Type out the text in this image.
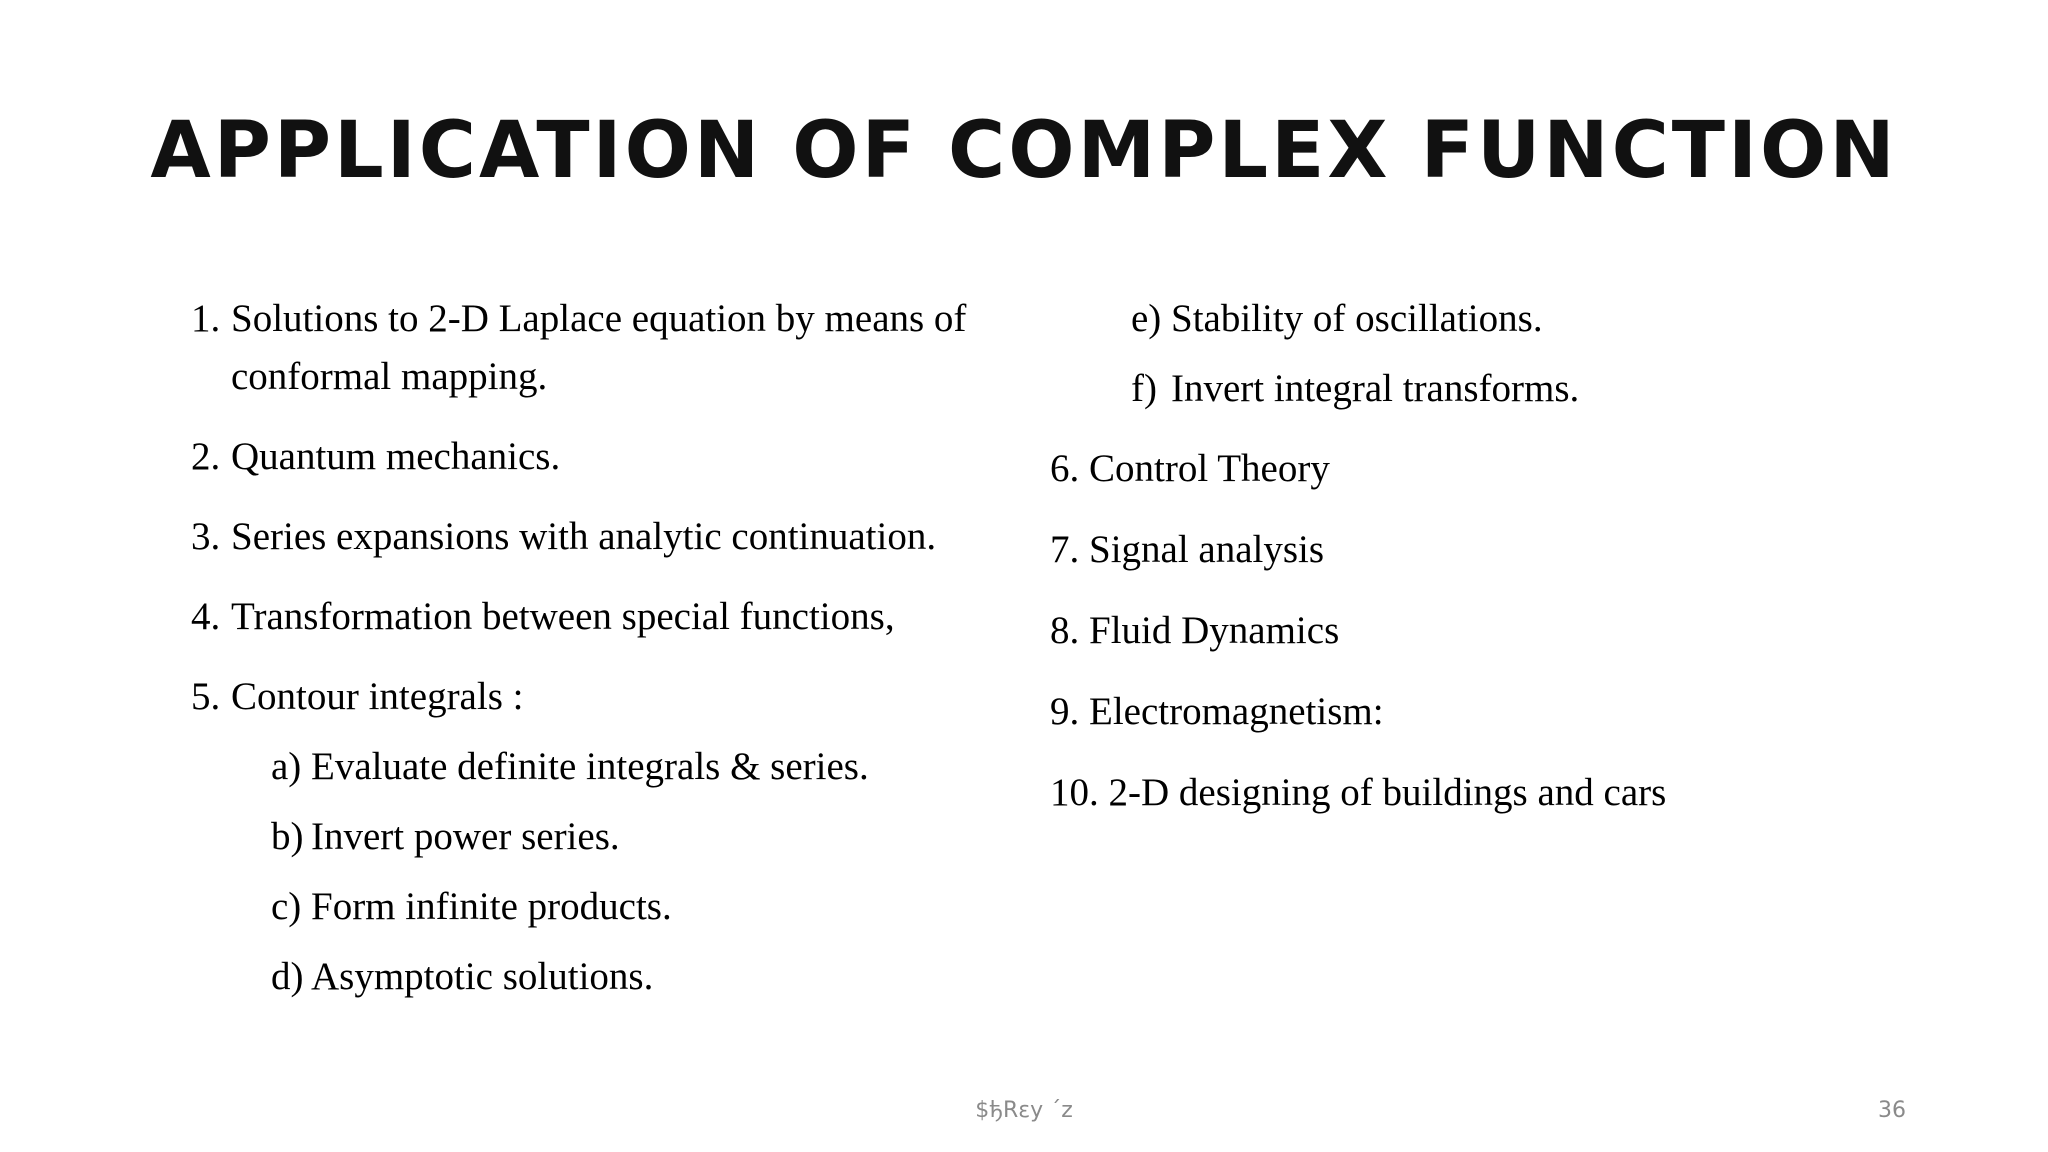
APPLICATION OF COMPLEX FUNCTION
1. Solutions to 2-D Laplace equation by means of conformal mapping.
2. Quantum mechanics.
3. Series expansions with analytic continuation.
4. Transformation between special functions,
5. Contour integrals :
a) Evaluate definite integrals & series.
b) Invert power series.
c) Form infinite products.
d) Asymptotic solutions.
e) Stability of oscillations.
f) Invert integral transforms.
6.
Control Theory
7.
Signal analysis
8.
Fluid Dynamics
9.
Electromagnetism:
10.
2-D designing of buildings and cars
$ђRεу ´z	36
